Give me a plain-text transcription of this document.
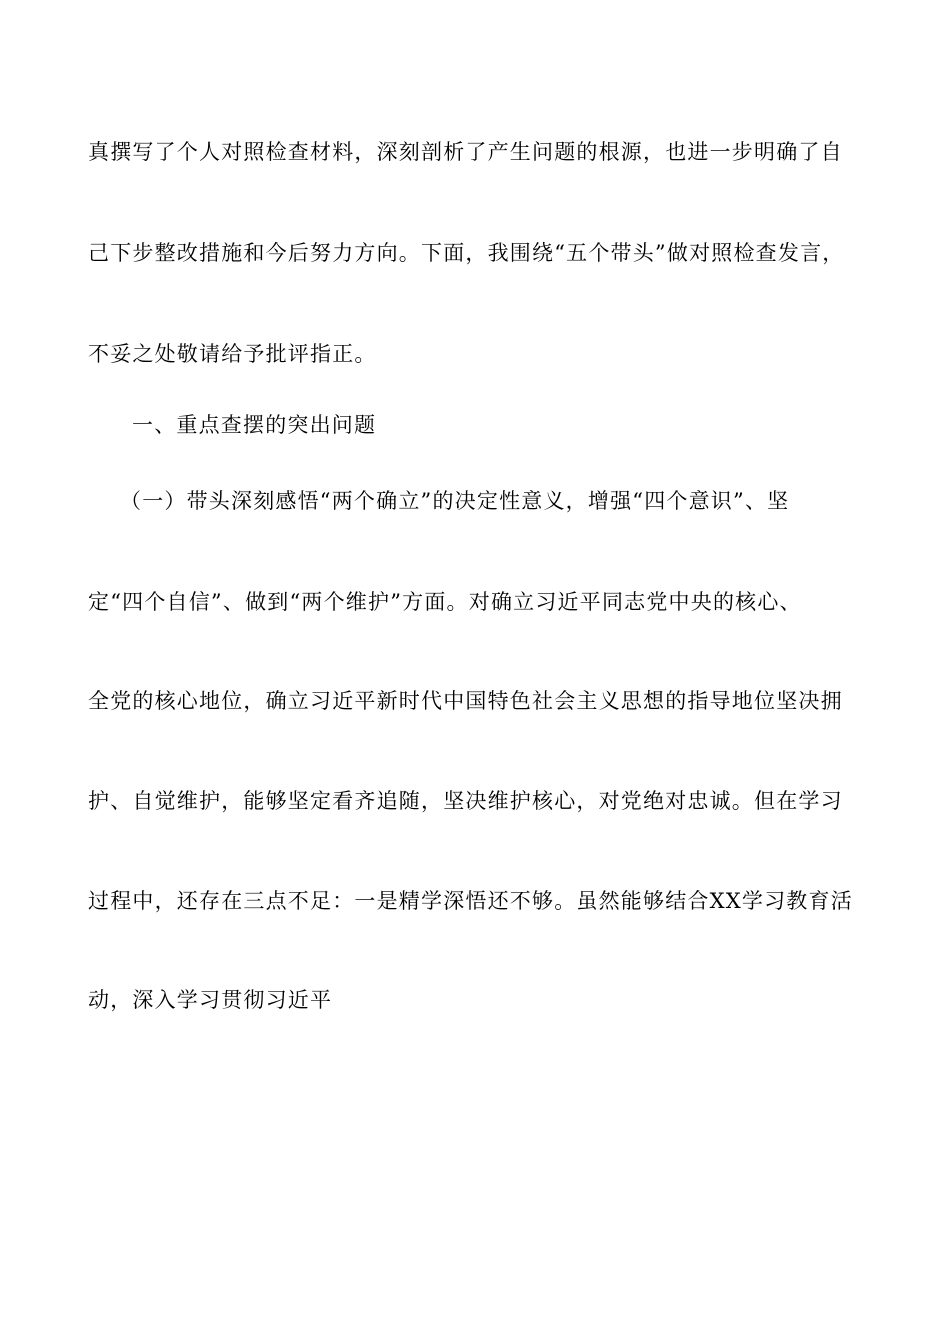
真撰写了个人对照检查材料，深刻剖析了产生问题的根源，也进一步明确了自
己下步整改措施和今后努力方向。下面，我围绕“五个带头”做对照检查发言，
不妥之处敬请给予批评指正。
一、重点查摆的突出问题
（一）带头深刻感悟“两个确立”的决定性意义，增强“四个意识”、坚
定“四个自信”、做到“两个维护”方面。对确立习近平同志党中央的核心、
全党的核心地位，确立习近平新时代中国特色社会主义思想的指导地位坚决拥
护、自觉维护，能够坚定看齐追随，坚决维护核心，对党绝对忠诚。但在学习
过程中，还存在三点不足：一是精学深悟还不够。虽然能够结合XX学习教育活
动，深入学习贯彻习近平
